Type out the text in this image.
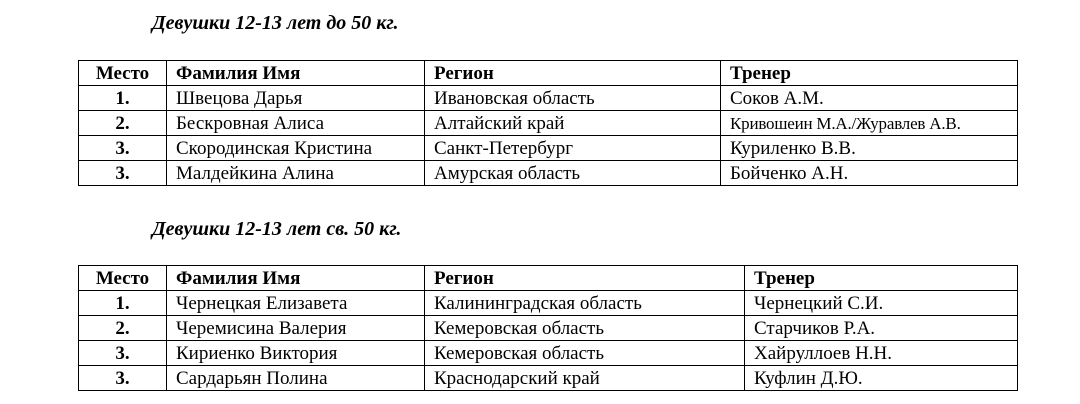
Девушки 12-13 лет до 50 кг.
Место	Фамилия Имя	Регион	Тренер
1.	Швецова Дарья	Ивановская область	Соков А.М.
2.	Бескровная Алиса	Алтайский край	Кривошеин М.А./Журавлев А.В.
3.	Скородинская Кристина	Санкт-Петербург	Куриленко В.В.
3.	Малдейкина Алина	Амурская область	Бойченко А.Н.
Девушки 12-13 лет св. 50 кг.
Место	Фамилия Имя	Регион	Тренер
1.	Чернецкая Елизавета	Калининградская область	Чернецкий С.И.
2.	Черемисина Валерия	Кемеровская область	Старчиков Р.А.
3.	Кириенко Виктория	Кемеровская область	Хайруллоев Н.Н.
3.	Сардарьян Полина	Краснодарский край	Куфлин Д.Ю.
